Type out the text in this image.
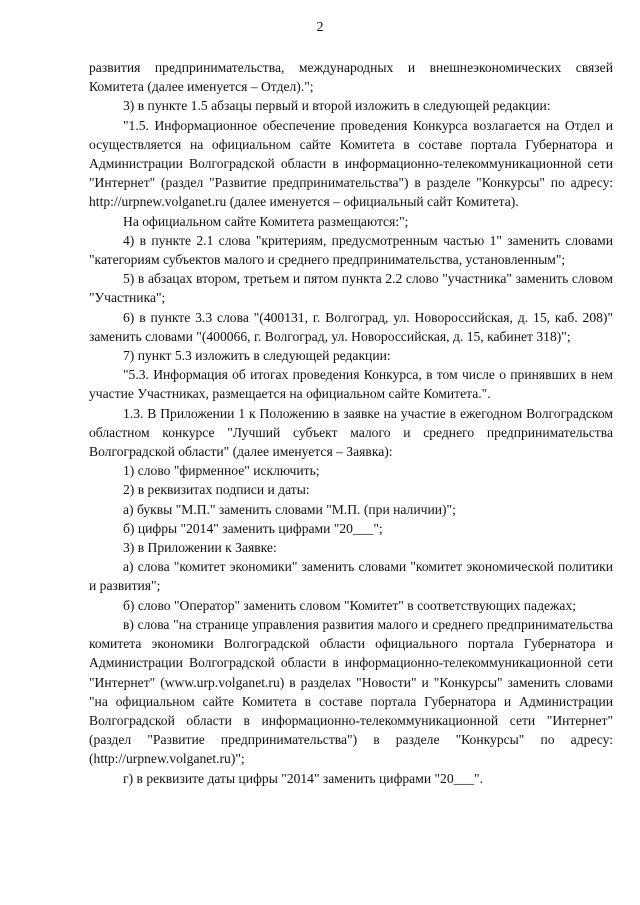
2

развития предпринимательства, международных и внешнеэкономических связей Комитета (далее именуется – Отдел).";

3) в пункте 1.5 абзацы первый и второй изложить в следующей редакции:

"1.5. Информационное обеспечение проведения Конкурса возлагается на Отдел и осуществляется на официальном сайте Комитета в составе портала Губернатора и Администрации Волгоградской области в информационно-телекоммуникационной сети "Интернет" (раздел "Развитие предпринимательства") в разделе "Конкурсы" по адресу: http://urpnew.volganet.ru (далее именуется – официальный сайт Комитета).

На официальном сайте Комитета размещаются:";

4) в пункте 2.1 слова "критериям, предусмотренным частью 1" заменить словами "категориям субъектов малого и среднего предпринимательства, установленным";

5) в абзацах втором, третьем и пятом пункта 2.2 слово "участника" заменить словом "Участника";

6) в пункте 3.3 слова "(400131, г. Волгоград, ул. Новороссийская, д. 15, каб. 208)" заменить словами "(400066, г. Волгоград, ул. Новороссийская, д. 15, кабинет 318)";

7) пункт 5.3 изложить в следующей редакции:

"5.3. Информация об итогах проведения Конкурса, в том числе о принявших в нем участие Участниках, размещается на официальном сайте Комитета.".

1.3. В Приложении 1 к Положению в заявке на участие в ежегодном Волгоградском областном конкурсе "Лучший субъект малого и среднего предпринимательства Волгоградской области" (далее именуется – Заявка):

1) слово "фирменное" исключить;

2) в реквизитах подписи и даты:

а) буквы "М.П." заменить словами "М.П. (при наличии)";

б) цифры "2014" заменить цифрами "20___";

3) в Приложении к Заявке:

а) слова "комитет экономики" заменить словами "комитет экономической политики и развития";

б) слово "Оператор" заменить словом "Комитет" в соответствующих падежах;

в) слова "на странице управления развития малого и среднего предпринимательства комитета экономики Волгоградской области официального портала Губернатора и Администрации Волгоградской области в информационно-телекоммуникационной сети "Интернет" (www.urp.volganet.ru) в разделах "Новости" и "Конкурсы" заменить словами "на официальном сайте Комитета в составе портала Губернатора и Администрации Волгоградской области в информационно-телекоммуникационной сети "Интернет" (раздел "Развитие предпринимательства") в разделе "Конкурсы" по адресу: (http://urpnew.volganet.ru)";

г) в реквизите даты цифры "2014" заменить цифрами "20___".
